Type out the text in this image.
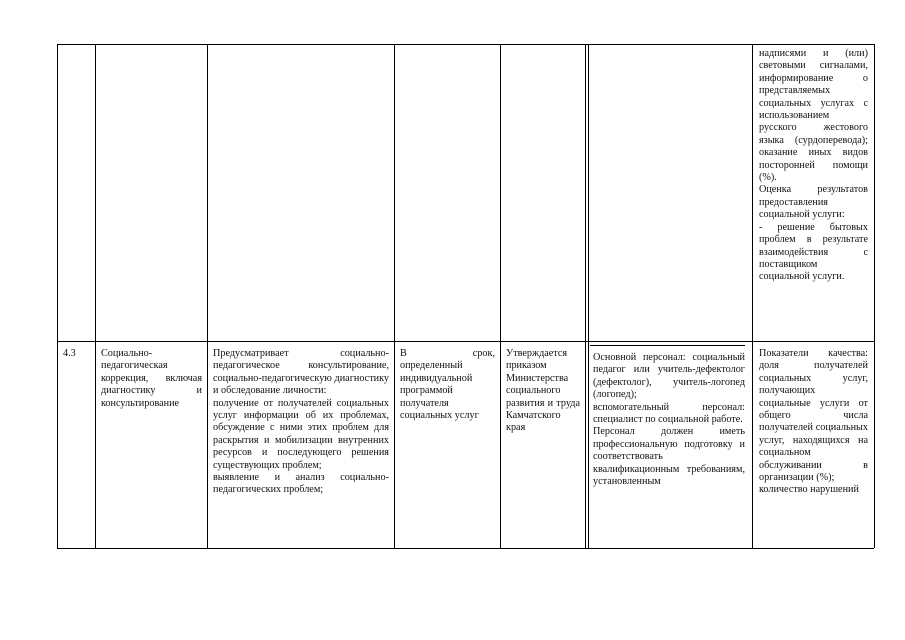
надписями и (или) световыми сигналами, информирование о представляемых социальных услугах с использованием русского жестового языка (сурдоперевода); оказание иных видов посторонней помощи (%).
Оценка результатов предоставления социальной услуги:
- решение бытовых проблем в результате взаимодействия с поставщиком социальной услуги.
4.3	Социально-педагогическая коррекция, включая диагностику и консультирование
Предусматривает социально-педагогическое консультирование, социально-педагогическую диагностику и обследование личности:
получение от получателей социальных услуг информации об их проблемах, обсуждение с ними этих проблем для раскрытия и мобилизации внутренних ресурсов и последующего решения существующих проблем;
выявление и анализ социально-педагогических проблем;
В срок, определенный индивидуальной программой получателя социальных услуг
Утверждается приказом Министерства социального развития и труда Камчатского края
Основной персонал: социальный педагог или учитель-дефектолог (дефектолог), учитель-логопед (логопед);
вспомогательный персонал: специалист по социальной работе.
Персонал должен иметь профессиональную подготовку и соответствовать квалификационным требованиям, установленным
Показатели качества: доля получателей социальных услуг, получающих социальные услуги от общего числа получателей социальных услуг, находящихся на социальном обслуживании в организации (%);
количество нарушений
